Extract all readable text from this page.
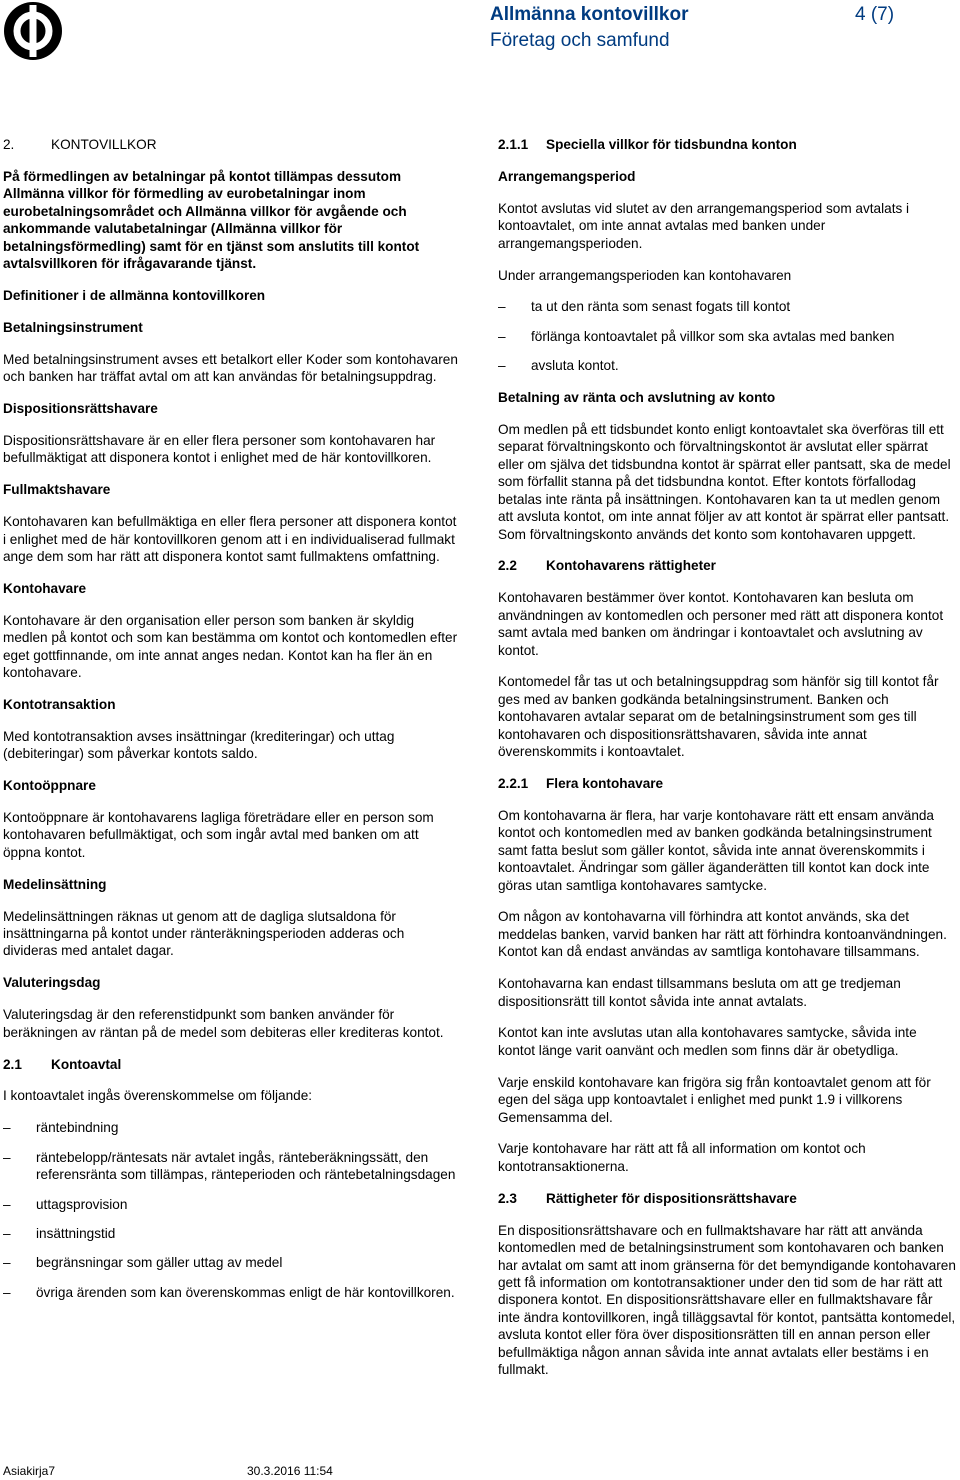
Allmänna kontovillkor	4 (7)
Företag och samfund
2.	KONTOVILLKOR

På förmedlingen av betalningar på kontot tillämpas dessutom Allmänna villkor för förmedling av eurobetalningar inom eurobetalningsområdet och Allmänna villkor för avgående och ankommande valutabetalningar (Allmänna villkor för betalningsförmedling) samt för en tjänst som anslutits till kontot avtalsvillkoren för ifrågavarande tjänst.

Definitioner i de allmänna kontovillkoren
Betalningsinstrument

Med betalningsinstrument avses ett betalkort eller Koder som kontohavaren och banken har träffat avtal om att kan användas för betalningsuppdrag.

Dispositionsrättshavare

Dispositionsrättshavare är en eller flera personer som kontohavaren har befullmäktigat att disponera kontot i enlighet med de här kontovillkoren.

Fullmaktshavare

Kontohavaren kan befullmäktiga en eller flera personer att disponera kontot i enlighet med de här kontovillkoren genom att i en individualiserad fullmakt ange dem som har rätt att disponera kontot samt fullmaktens omfattning.

Kontohavare

Kontohavare är den organisation eller person som banken är skyldig medlen på kontot och som kan bestämma om kontot och kontomedlen efter eget gottfinnande, om inte annat anges nedan. Kontot kan ha fler än en kontohavare.

Kontotransaktion

Med kontotransaktion avses insättningar (krediteringar) och uttag (debiteringar) som påverkar kontots saldo.

Kontoöppnare

Kontoöppnare är kontohavarens lagliga företrädare eller en person som kontohavaren befullmäktigat, och som ingår avtal med banken om att öppna kontot.

Medelinsättning

Medelinsättningen räknas ut genom att de dagliga slutsaldona för insättningarna på kontot under ränteräkningsperioden adderas och divideras med antalet dagar.

Valuteringsdag

Valuteringsdag är den referenstidpunkt som banken använder för beräkningen av räntan på de medel som debiteras eller krediteras kontot.

2.1 Kontoavtal

I kontoavtalet ingås överenskommelse om följande:

– räntebindning
– räntebelopp/räntesats när avtalet ingås, ränteberäkningssätt, den referensränta som tillämpas, ränteperioden och räntebetalningsdagen
– uttagsprovision
– insättningstid
– begränsningar som gäller uttag av medel
– övriga ärenden som kan överenskommas enligt de här kontovillkoren.
2.1.1 Speciella villkor för tidsbundna konton
Arrangemangsperiod

Kontot avslutas vid slutet av den arrangemangsperiod som avtalats i kontoavtalet, om inte annat avtalas med banken under arrangemangsperioden.

Under arrangemangsperioden kan kontohavaren

– ta ut den ränta som senast fogats till kontot
– förlänga kontoavtalet på villkor som ska avtalas med banken
– avsluta kontot.
Betalning av ränta och avslutning av konto

Om medlen på ett tidsbundet konto enligt kontoavtalet ska överföras till ett separat förvaltningskonto och förvaltningskontot är avslutat eller spärrat eller om själva det tidsbundna kontot är spärrat eller pantsatt, ska de medel som förfallit stanna på det tidsbundna kontot. Efter kontots förfallodag betalas inte ränta på insättningen. Kontohavaren kan ta ut medlen genom att avsluta kontot, om inte annat följer av att kontot är spärrat eller pantsatt. Som förvaltningskonto används det konto som kontohavaren uppgett.

2.2 Kontohavarens rättigheter

Kontohavaren bestämmer över kontot. Kontohavaren kan besluta om användningen av kontomedlen och personer med rätt att disponera kontot samt avtala med banken om ändringar i kontoavtalet och avslutning av kontot.

Kontomedel får tas ut och betalningsuppdrag som hänför sig till kontot får ges med av banken godkända betalningsinstrument. Banken och kontohavaren avtalar separat om de betalningsinstrument som ges till kontohavaren och dispositionsrättshavaren, såvida inte annat överenskommits i kontoavtalet.

2.2.1 Flera kontohavare

Om kontohavarna är flera, har varje kontohavare rätt ett ensam använda kontot och kontomedlen med av banken godkända betalningsinstrument samt fatta beslut som gäller kontot, såvida inte annat överenskommits i kontoavtalet. Ändringar som gäller äganderätten till kontot kan dock inte göras utan samtliga kontohavares samtycke.

Om någon av kontohavarna vill förhindra att kontot används, ska det meddelas banken, varvid banken har rätt att förhindra kontoanvändningen. Kontot kan då endast användas av samtliga kontohavare tillsammans.

Kontohavarna kan endast tillsammans besluta om att ge tredjeman dispositionsrätt till kontot såvida inte annat avtalats.

Kontot kan inte avslutas utan alla kontohavares samtycke, såvida inte kontot länge varit oanvänt och medlen som finns där är obetydliga.

Varje enskild kontohavare kan frigöra sig från kontoavtalet genom att för egen del säga upp kontoavtalet i enlighet med punkt 1.9 i villkorens Gemensamma del.

Varje kontohavare har rätt att få all information om kontot och kontotransaktionerna.

2.3 Rättigheter för dispositionsrättshavare

En dispositionsrättshavare och en fullmaktshavare har rätt att använda kontomedlen med de betalningsinstrument som kontohavaren och banken har avtalat om samt att inom gränserna för det bemyndigande kontohavaren gett få information om kontotransaktioner under den tid som de har rätt att disponera kontot. En dispositionsrättshavare eller en fullmaktshavare får inte ändra kontovillkoren, ingå tilläggsavtal för kontot, pantsätta kontomedel, avsluta kontot eller föra över dispositionsrätten till en annan person eller befullmäktiga någon annan såvida inte annat avtalats eller bestäms i en fullmakt.

Asiakirja7	30.3.2016 11:54
